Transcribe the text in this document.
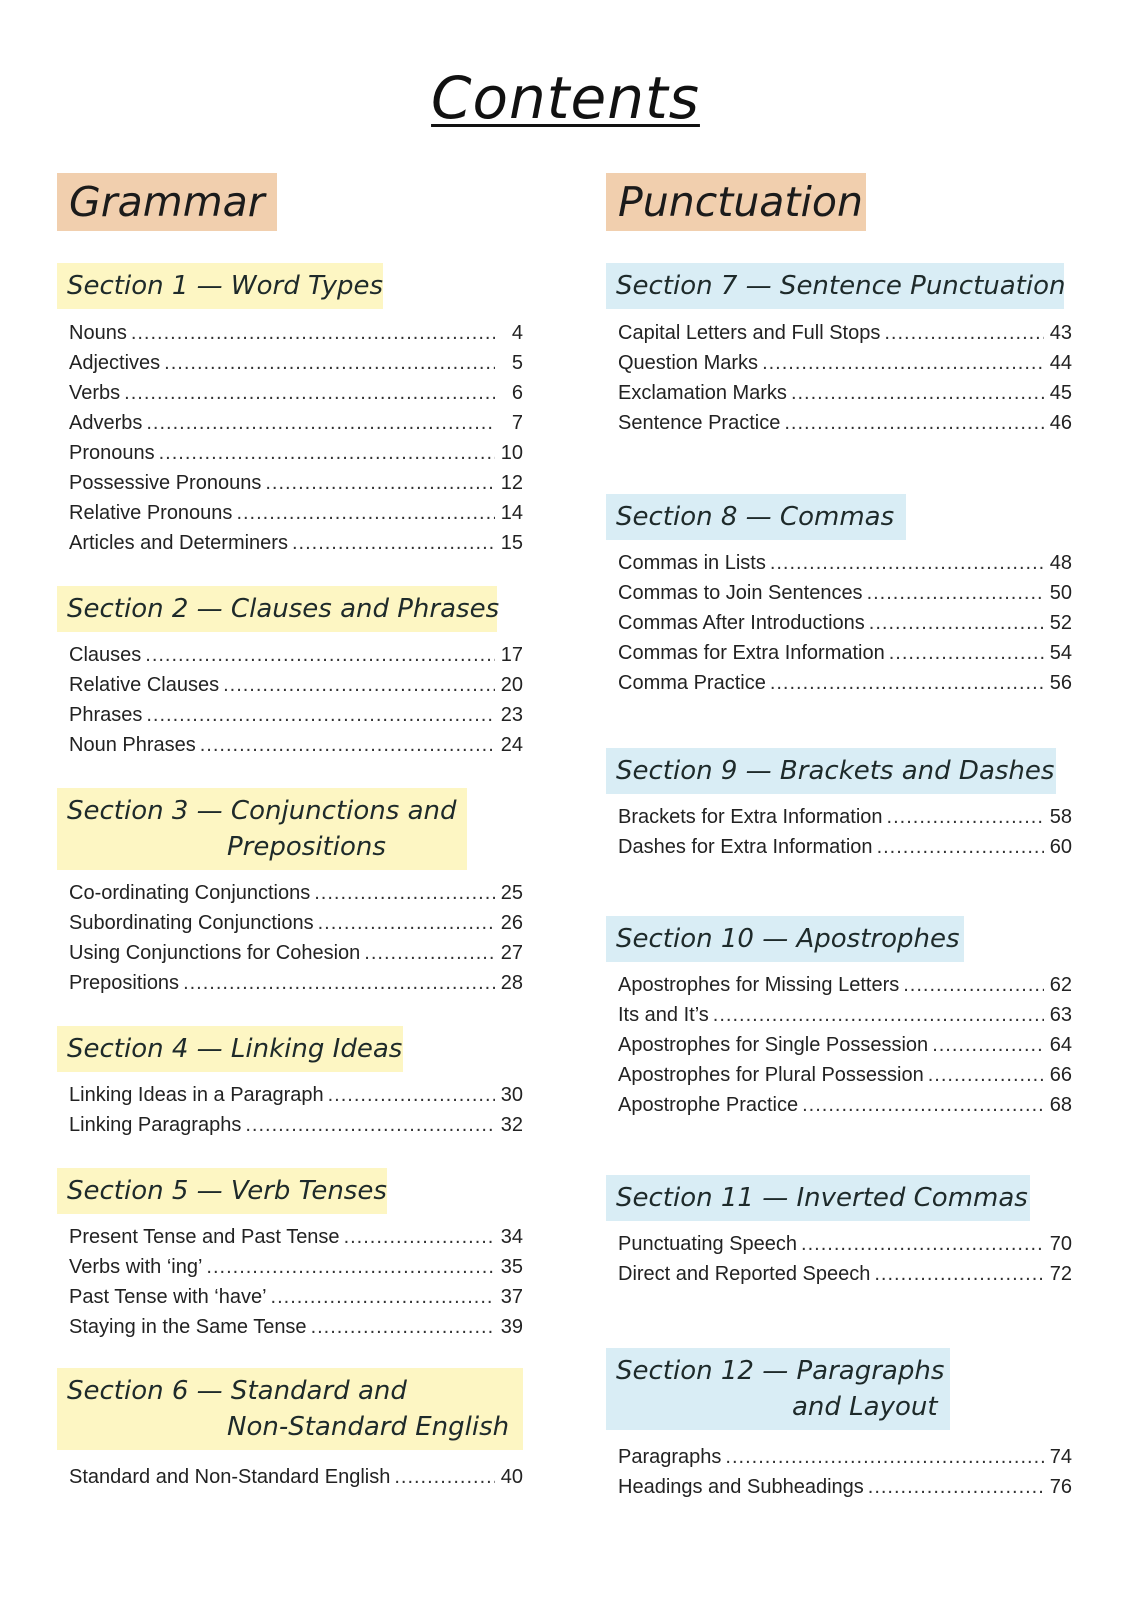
Contents
Grammar
Section 1 — Word Types
Nouns .....	4
Adjectives .....	5
Verbs .....	6
Adverbs .....	7
Pronouns .....	10
Possessive Pronouns .....	12
Relative Pronouns .....	14
Articles and Determiners .....	15
Section 2 — Clauses and Phrases
Clauses .....	17
Relative Clauses .....	20
Phrases .....	23
Noun Phrases .....	24
Section 3 — Conjunctions and
Prepositions
Co-ordinating Conjunctions .....	25
Subordinating Conjunctions .....	26
Using Conjunctions for Cohesion .....	27
Prepositions .....	28
Section 4 — Linking Ideas
Linking Ideas in a Paragraph .....	30
Linking Paragraphs .....	32
Section 5 — Verb Tenses
Present Tense and Past Tense .....	34
Verbs with ‘ing’ .....	35
Past Tense with ‘have’ .....	37
Staying in the Same Tense .....	39
Section 6 — Standard and
Non-Standard English
Standard and Non-Standard English .....	40
Punctuation
Section 7 — Sentence Punctuation
Capital Letters and Full Stops .....	43
Question Marks .....	44
Exclamation Marks .....	45
Sentence Practice .....	46
Section 8 — Commas
Commas in Lists .....	48
Commas to Join Sentences .....	50
Commas After Introductions .....	52
Commas for Extra Information .....	54
Comma Practice .....	56
Section 9 — Brackets and Dashes
Brackets for Extra Information .....	58
Dashes for Extra Information .....	60
Section 10 — Apostrophes
Apostrophes for Missing Letters .....	62
Its and It’s .....	63
Apostrophes for Single Possession .....	64
Apostrophes for Plural Possession .....	66
Apostrophe Practice .....	68
Section 11 — Inverted Commas
Punctuating Speech .....	70
Direct and Reported Speech .....	72
Section 12 — Paragraphs
and Layout
Paragraphs .....	74
Headings and Subheadings .....	76
